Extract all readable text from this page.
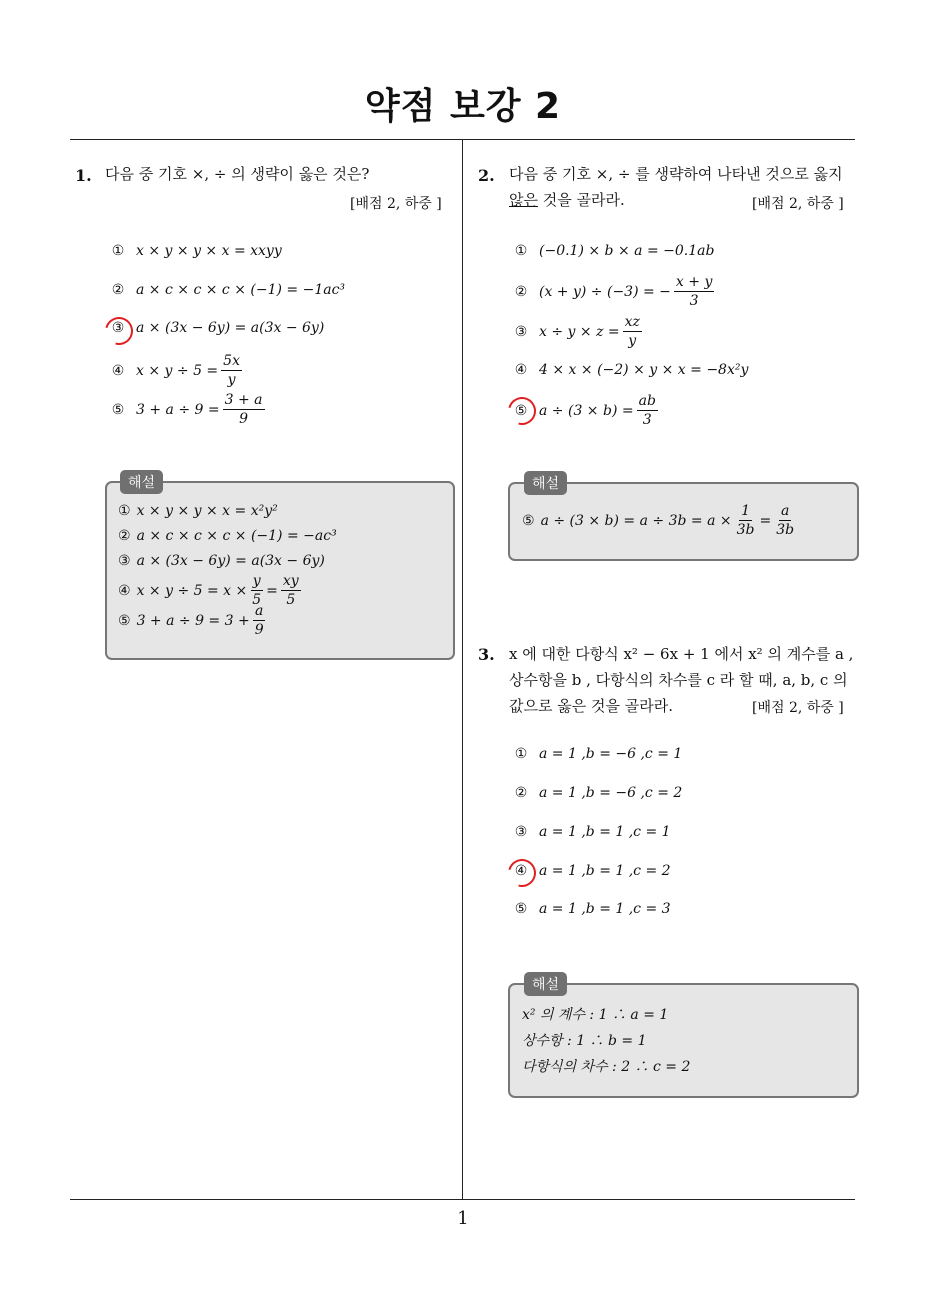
약점 보강 2
1
1. 다음 중 기호 ×, ÷ 의 생략이 옳은 것은?
[배점 2, 하중 ]
① x × y × y × x = xxyy
② a × c × c × c × (−1) = −1ac³
③ a × (3x − 6y) = a(3x − 6y)
④ $x \times y \div 5 = \frac{5x}{y}$
⑤ $3 + a \div 9 = \frac{3 + a}{9}$
해설
① x × y × y × x = x²y²
② a × c × c × c × (−1) = −ac³
③ a × (3x − 6y) = a(3x − 6y)
④ $x \times y \div 5 = x \times \frac{y}{5} = \frac{xy}{5}$
⑤ $3 + a \div 9 = 3 + \frac{a}{9}$
2. 다음 중 기호 ×, ÷ 를 생략하여 나타낸 것으로 옳지
않은 것을 골라라.	[배점 2, 하중 ]
① (−0.1) × b × a = −0.1ab
② (x + y) ÷ (−3) = − $\frac{x + y}{3}$
③ $x \div y \times z = \frac{xz}{y}$
④ 4 × x × (−2) × y × x = −8x²y
⑤ $a \div (3 \times b) = \frac{ab}{3}$
해설
⑤ $a \div (3 \times b) = a \div 3b = a \times \frac{1}{3b} = \frac{a}{3b}$
3. x 에 대한 다항식 x² − 6x + 1 에서 x² 의 계수를 a ,
상수항을 b , 다항식의 차수를 c 라 할 때, a, b, c 의
값으로 옳은 것을 골라라.	[배점 2, 하중 ]
① a = 1 ,b = −6 ,c = 1
② a = 1 ,b = −6 ,c = 2
③ a = 1 ,b = 1 ,c = 1
④ a = 1 ,b = 1 ,c = 2
⑤ a = 1 ,b = 1 ,c = 3
해설
x² 의 계수 : 1 ∴ a = 1
상수항 : 1 ∴ b = 1
다항식의 차수 : 2 ∴ c = 2
